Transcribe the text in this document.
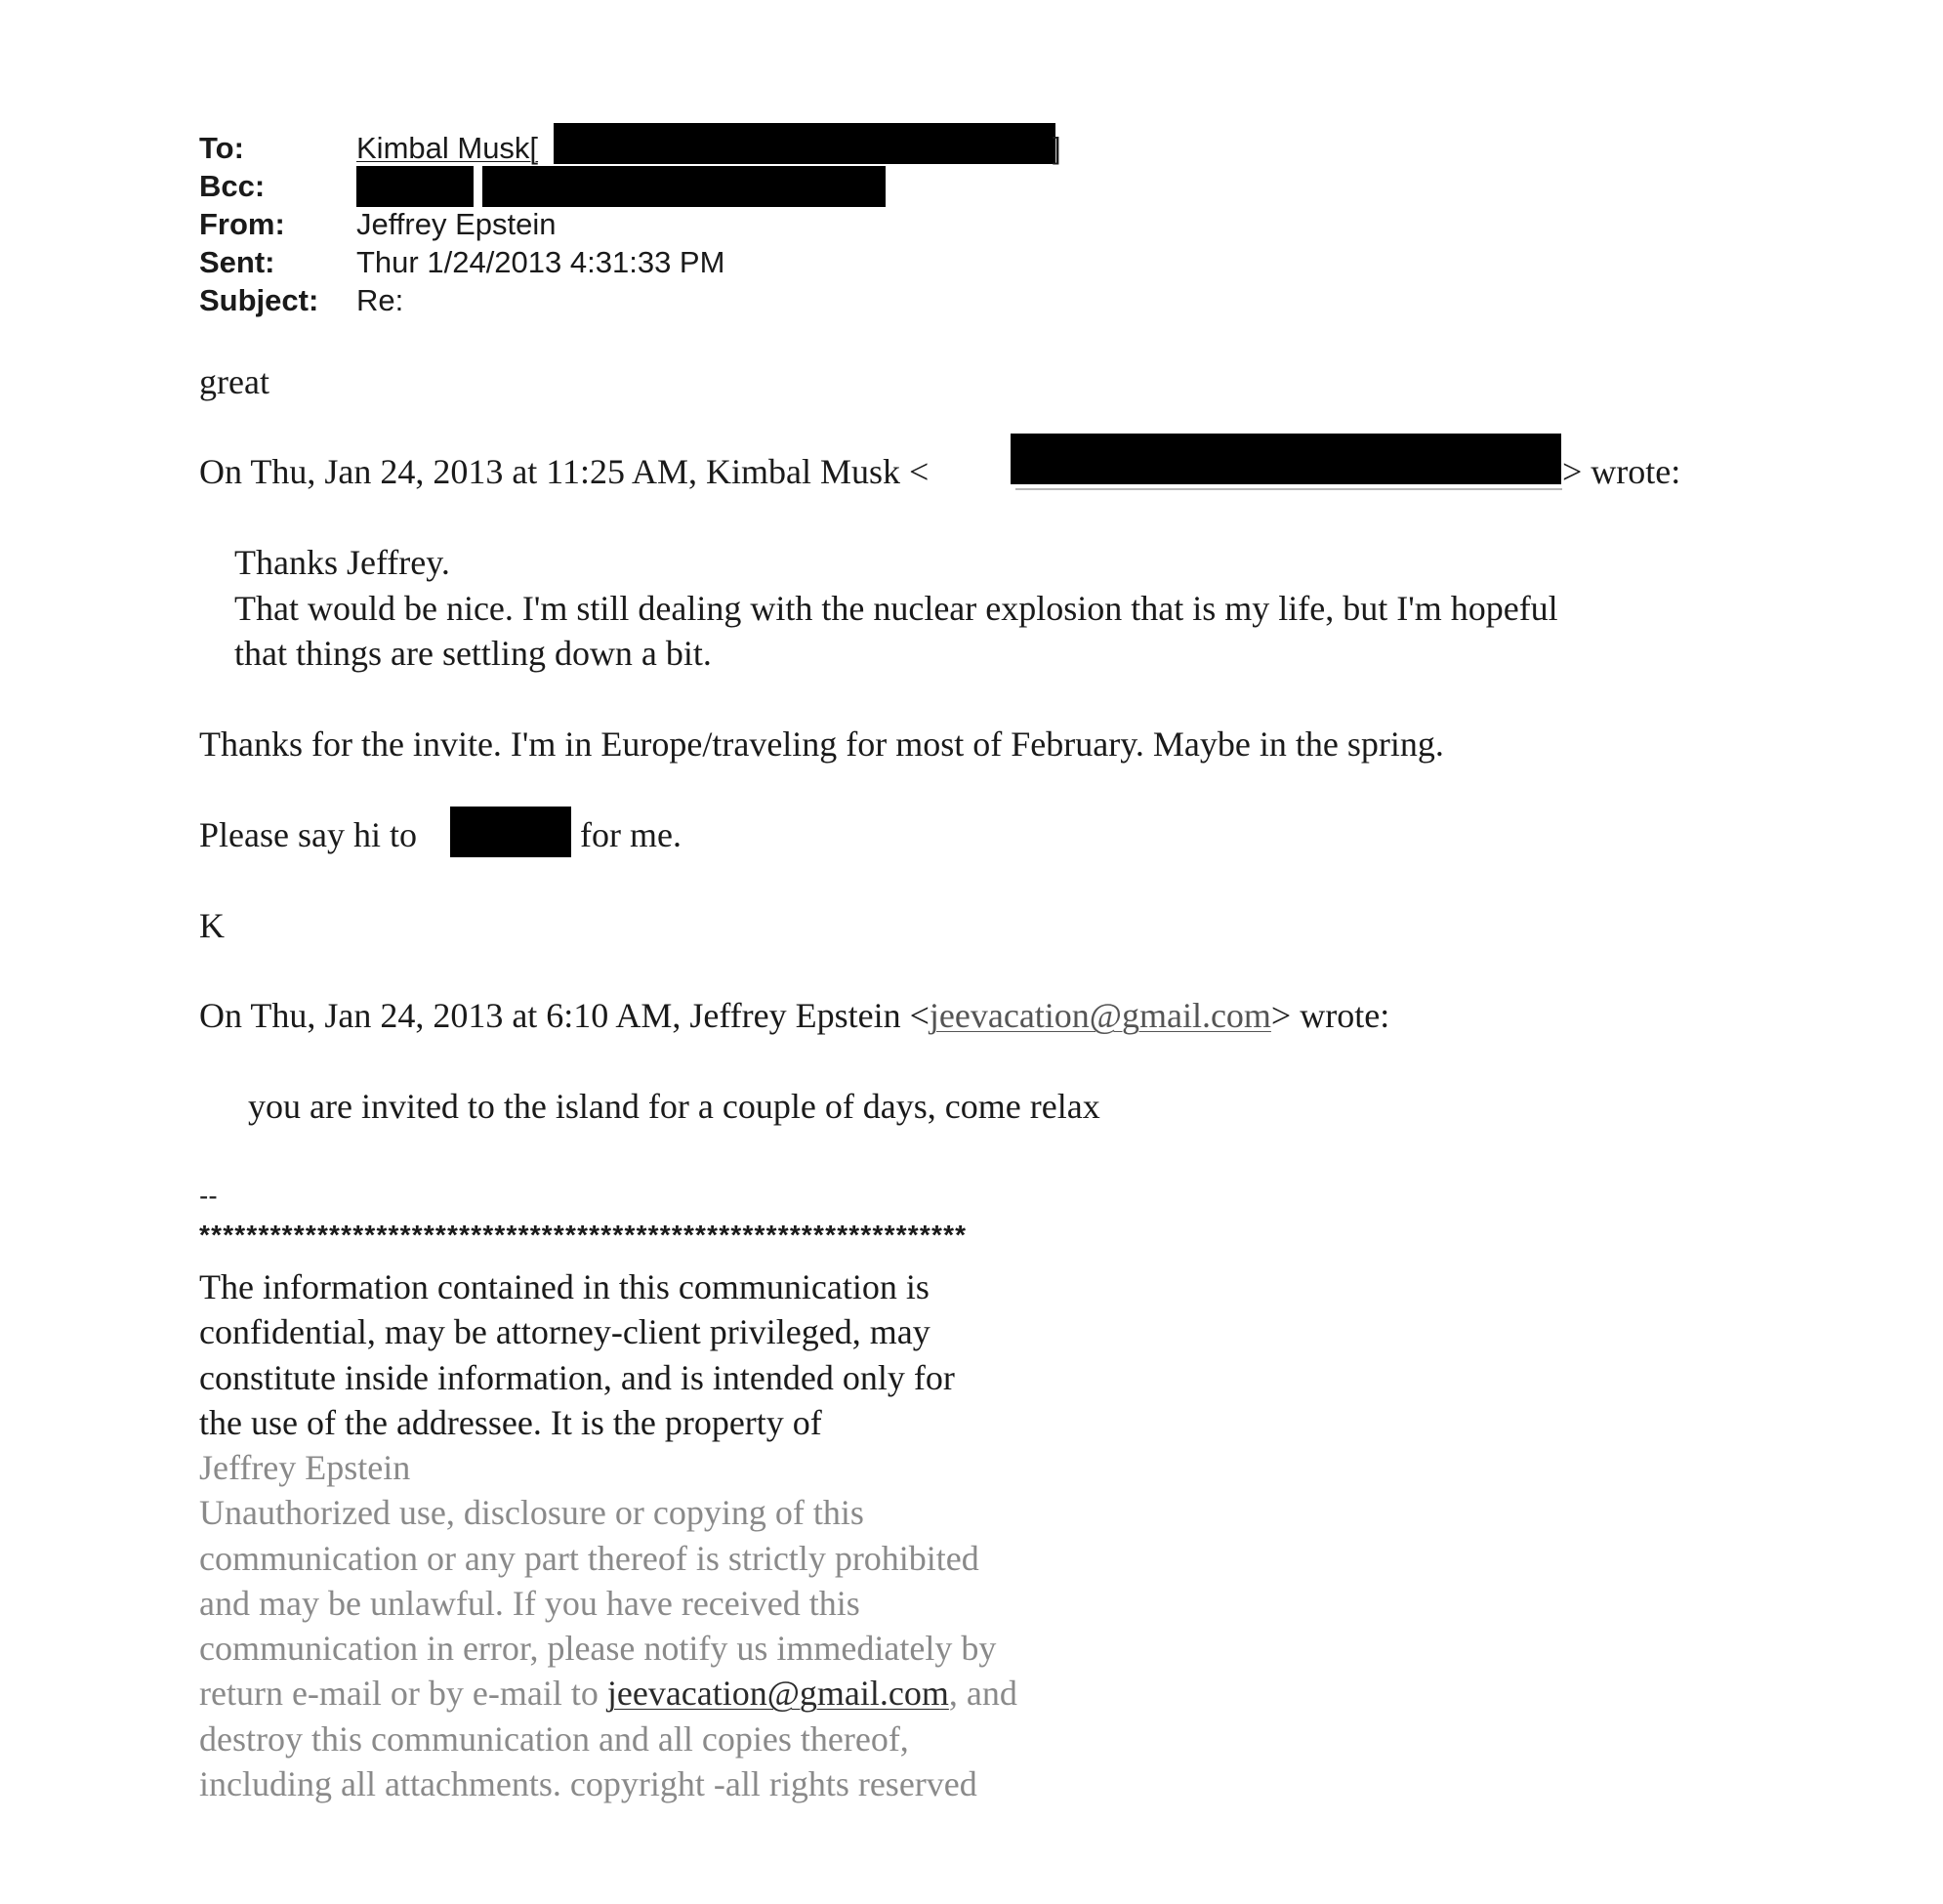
To:	Kimbal Musk[	]
Bcc:
From: Jeffrey Epstein
Sent:	Thur 1/24/2013 4:31:33 PM
Subject: Re:
great
On Thu, Jan 24, 2013 at 11:25 AM, Kimbal Musk <	> wrote:
Thanks Jeffrey.
That would be nice. I'm still dealing with the nuclear explosion that is my life, but I'm hopeful
that things are settling down a bit.
Thanks for the invite. I'm in Europe/traveling for most of February. Maybe in the spring.
Please say hi to	for me.
K
On Thu, Jan 24, 2013 at 6:10 AM, Jeffrey Epstein <jeevacation@gmail.com> wrote:
you are invited to the island for a couple of days, come relax
--
*****************************************************************
The information contained in this communication is
confidential, may be attorney-client privileged, may
constitute inside information, and is intended only for
the use of the addressee. It is the property of
Jeffrey Epstein
Unauthorized use, disclosure or copying of this
communication or any part thereof is strictly prohibited
and may be unlawful. If you have received this
communication in error, please notify us immediately by
return e-mail or by e-mail to jeevacation@gmail.com, and
destroy this communication and all copies thereof,
including all attachments. copyright -all rights reserved
